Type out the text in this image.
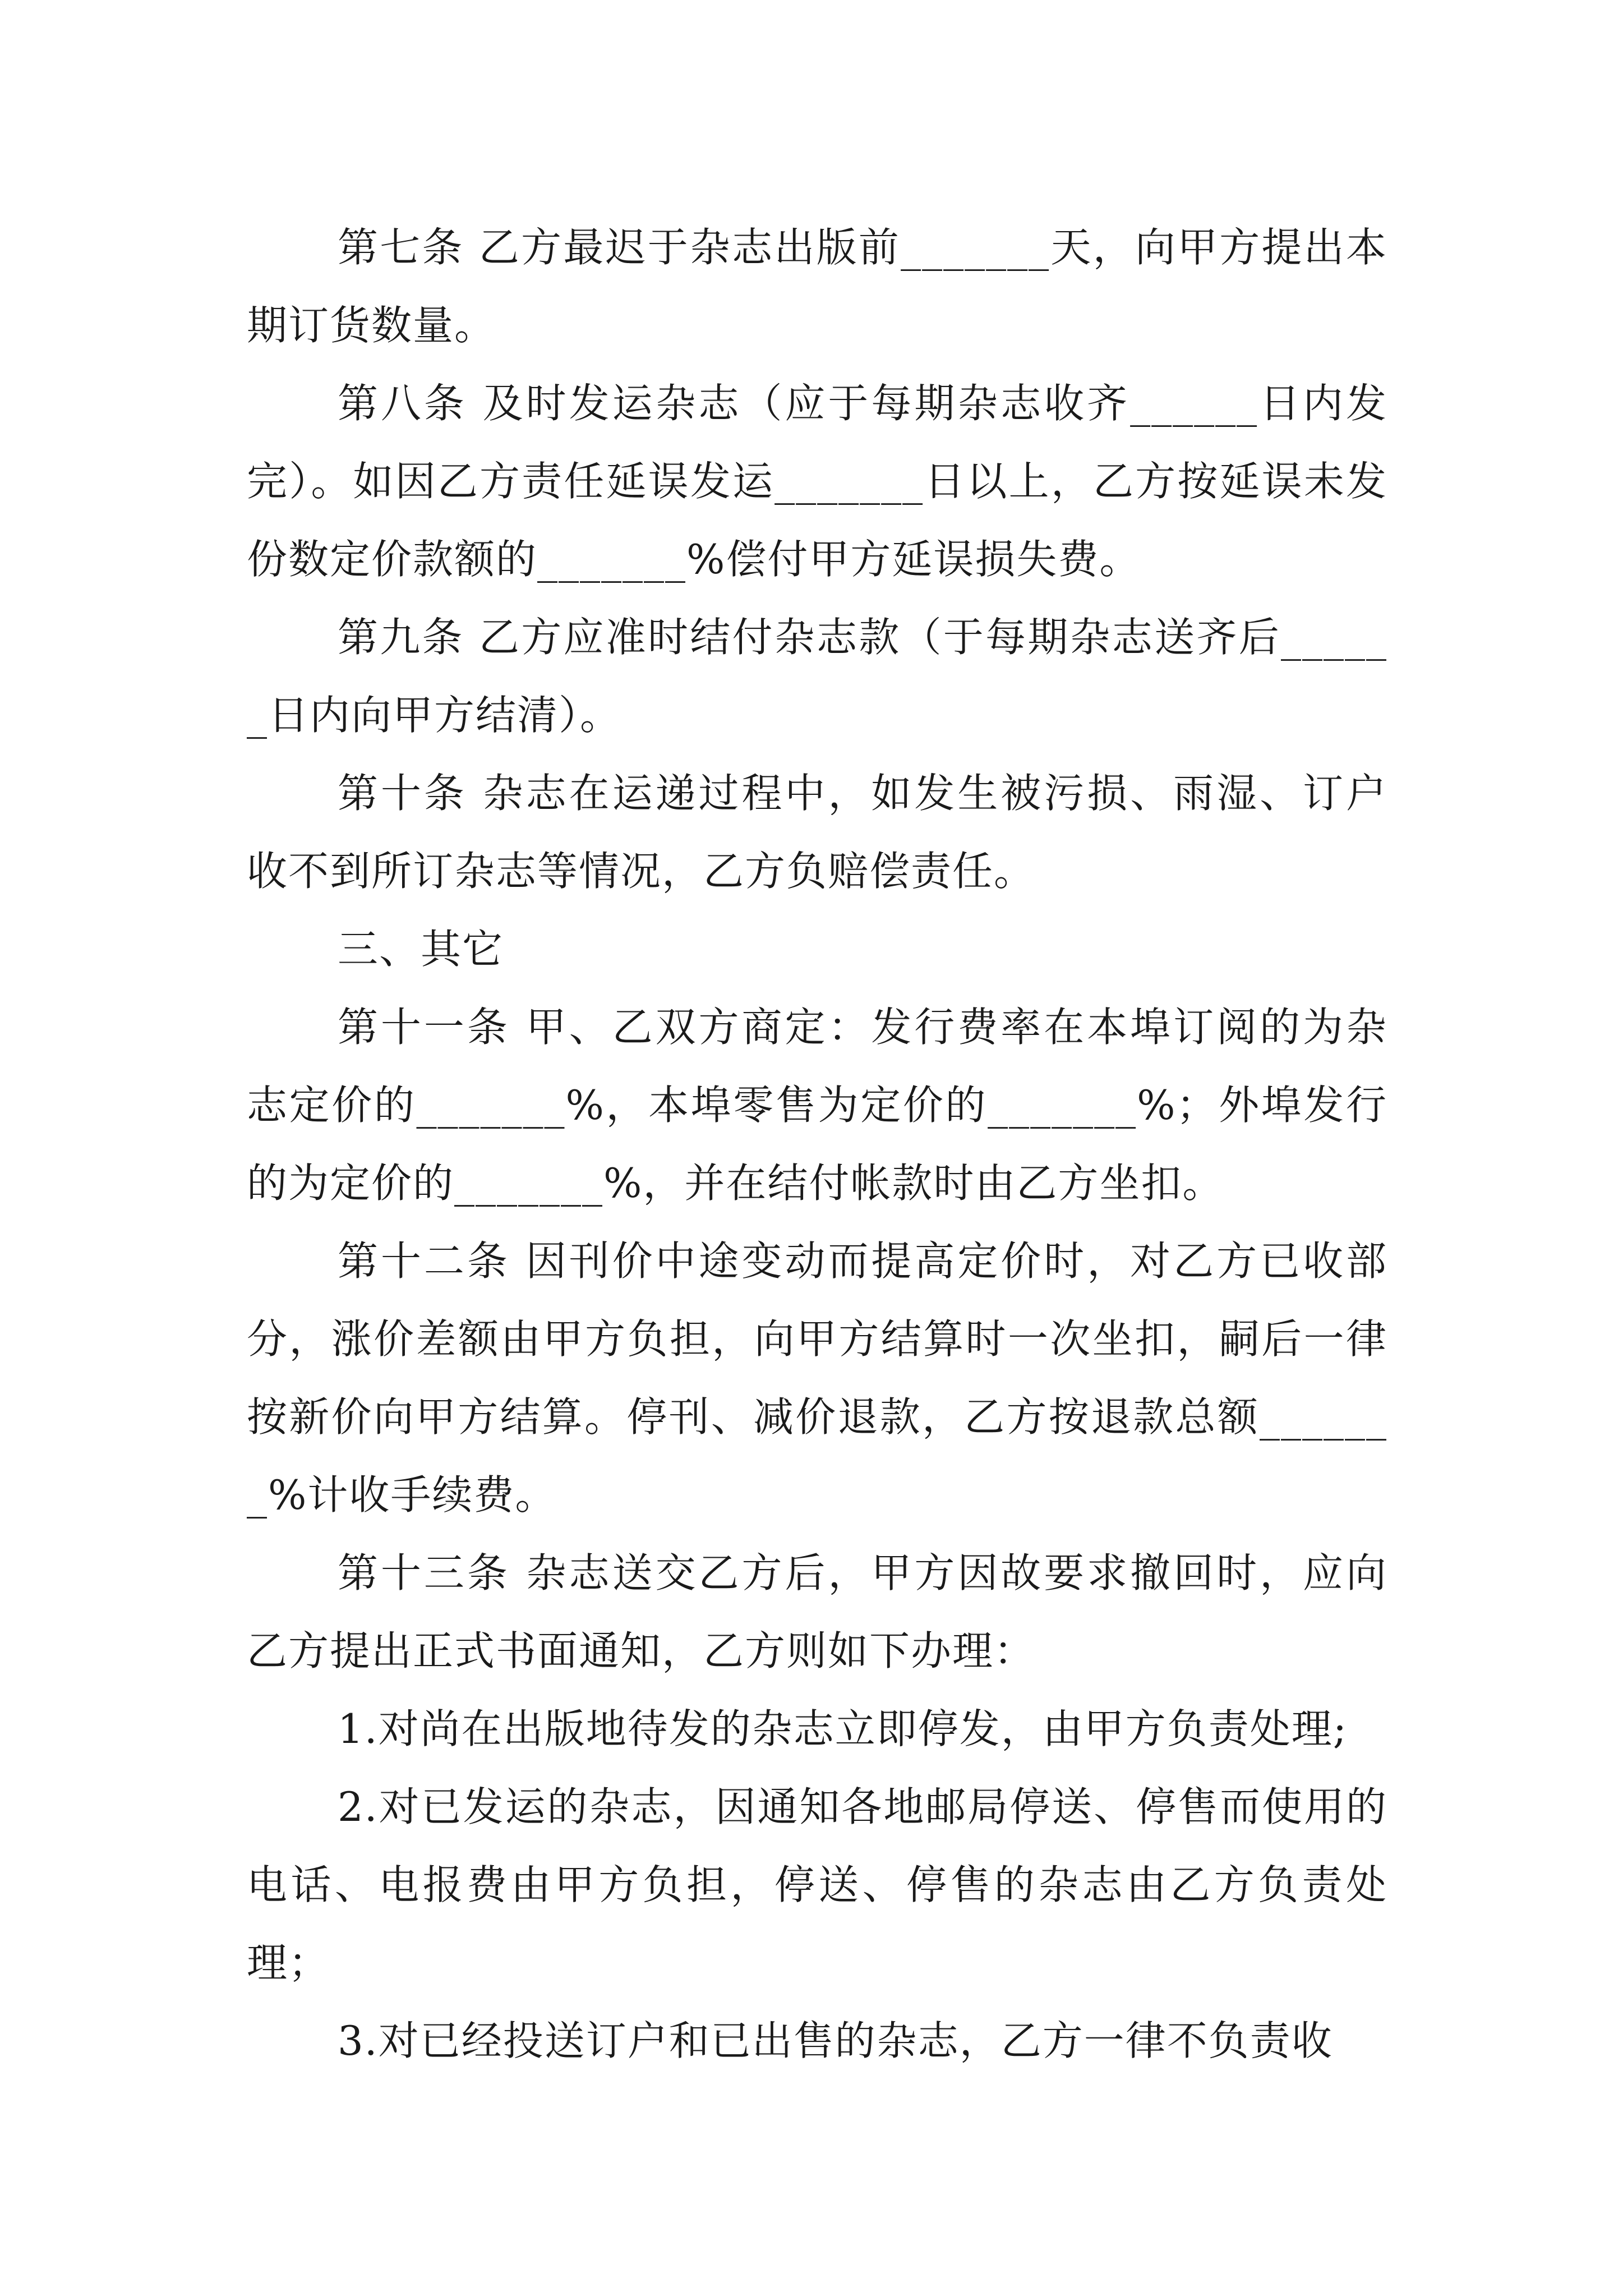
第七条 乙方最迟于杂志出版前_______天，向甲方提出本期订货数量。

第八条 及时发运杂志（应于每期杂志收齐______日内发完）。如因乙方责任延误发运_______日以上，乙方按延误未发份数定价款额的_______%偿付甲方延误损失费。

第九条 乙方应准时结付杂志款（于每期杂志送齐后______日内向甲方结清）。

第十条 杂志在运递过程中，如发生被污损、雨湿、订户收不到所订杂志等情况，乙方负赔偿责任。

三、其它

第十一条 甲、乙双方商定：发行费率在本埠订阅的为杂志定价的_______%，本埠零售为定价的_______%；外埠发行的为定价的_______%，并在结付帐款时由乙方坐扣。

第十二条 因刊价中途变动而提高定价时，对乙方已收部分，涨价差额由甲方负担，向甲方结算时一次坐扣，嗣后一律按新价向甲方结算。停刊、减价退款，乙方按退款总额_______%计收手续费。

第十三条 杂志送交乙方后，甲方因故要求撤回时，应向乙方提出正式书面通知，乙方则如下办理：

1.对尚在出版地待发的杂志立即停发，由甲方负责处理;

2.对已发运的杂志，因通知各地邮局停送、停售而使用的电话、电报费由甲方负担，停送、停售的杂志由乙方负责处理；

3.对已经投送订户和已出售的杂志，乙方一律不负责收
